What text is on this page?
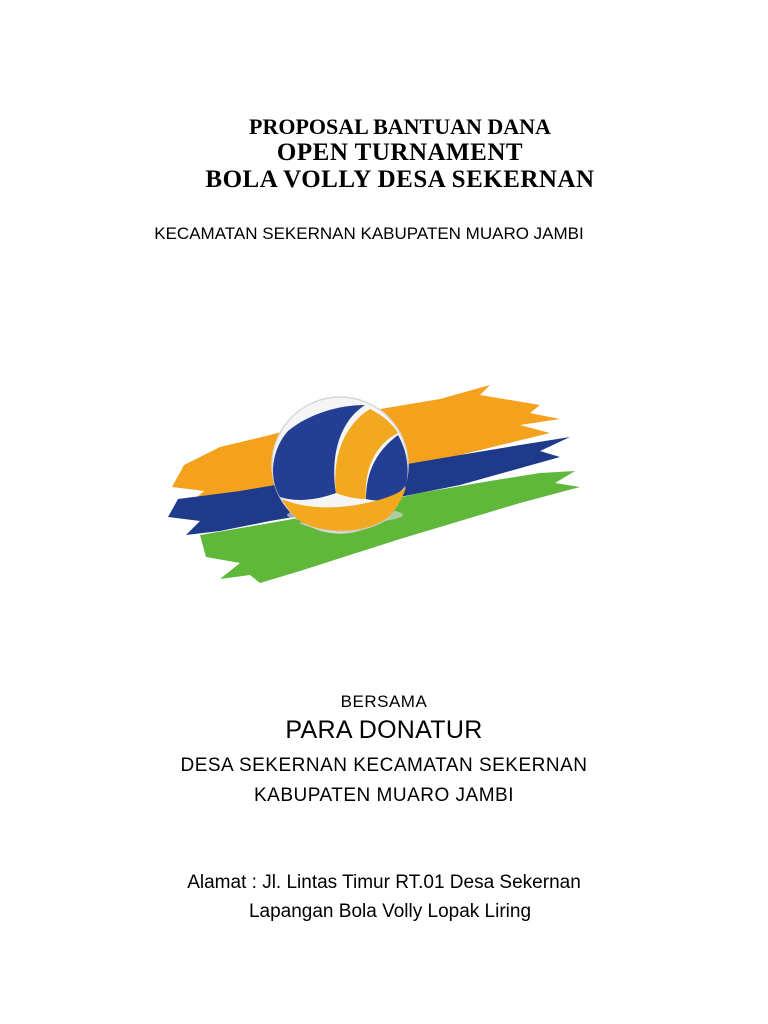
PROPOSAL BANTUAN DANA
OPEN TURNAMENT
BOLA VOLLY DESA SEKERNAN
KECAMATAN SEKERNAN KABUPATEN MUARO JAMBI
BERSAMA
PARA DONATUR
DESA SEKERNAN KECAMATAN SEKERNAN
KABUPATEN MUARO JAMBI
Alamat : Jl. Lintas Timur RT.01 Desa Sekernan
Lapangan Bola Volly Lopak Liring
